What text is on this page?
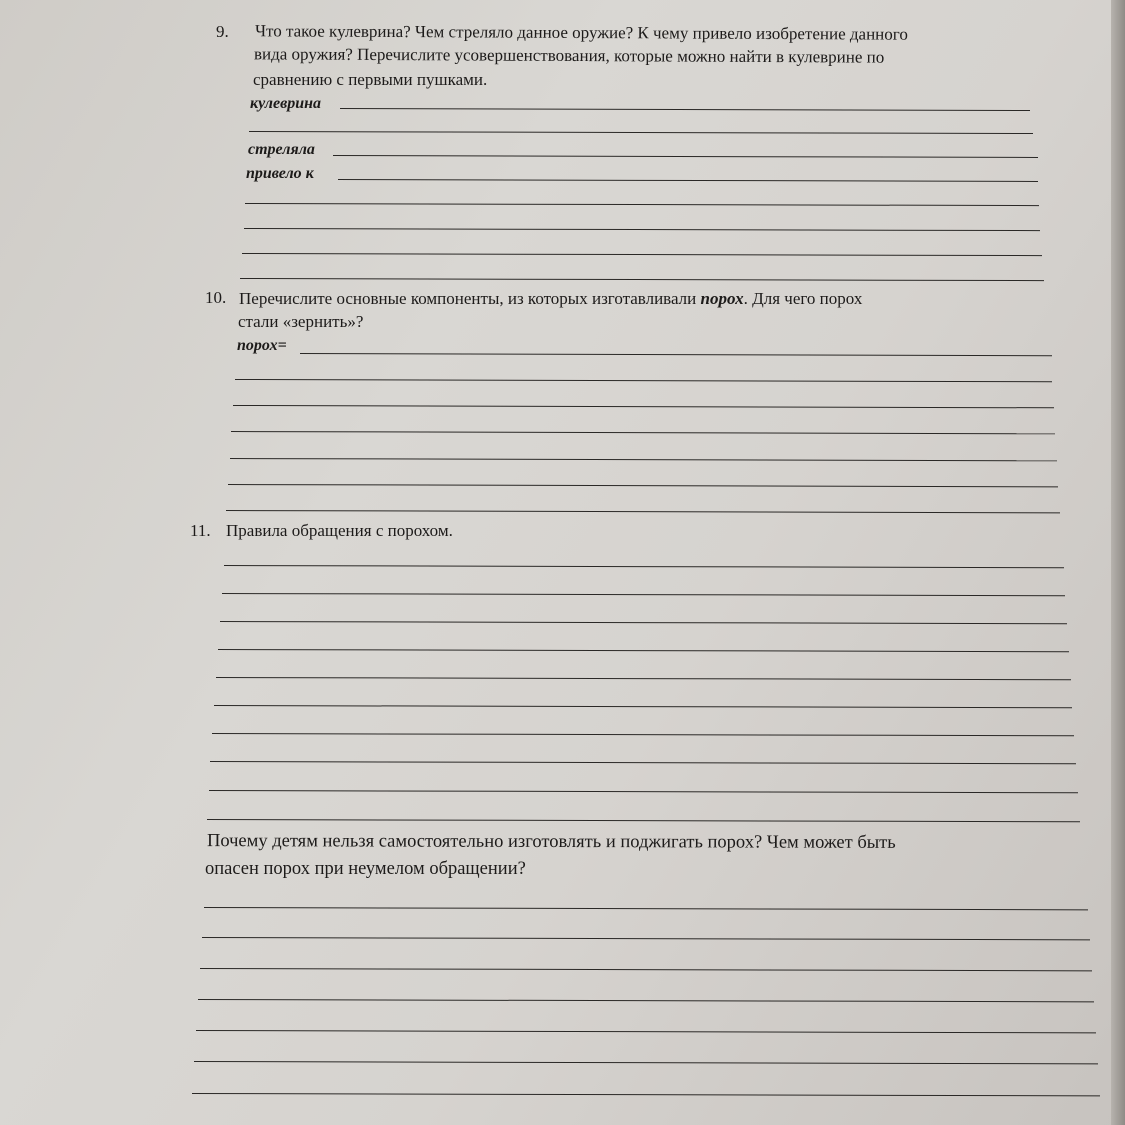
9. Что такое кулеврина? Чем стреляло данное оружие? К чему привело изобретение данного
вида оружия? Перечислите усовершенствования, которые можно найти в кулеврине по
сравнению с первыми пушками.
кулеврина
стреляла
привело к
10. Перечислите основные компоненты, из которых изготавливали порох. Для чего порох
стали «зернить»?
порох=
11. Правила обращения с порохом.
Почему детям нельзя самостоятельно изготовлять и поджигать порох? Чем может быть
опасен порох при неумелом обращении?
